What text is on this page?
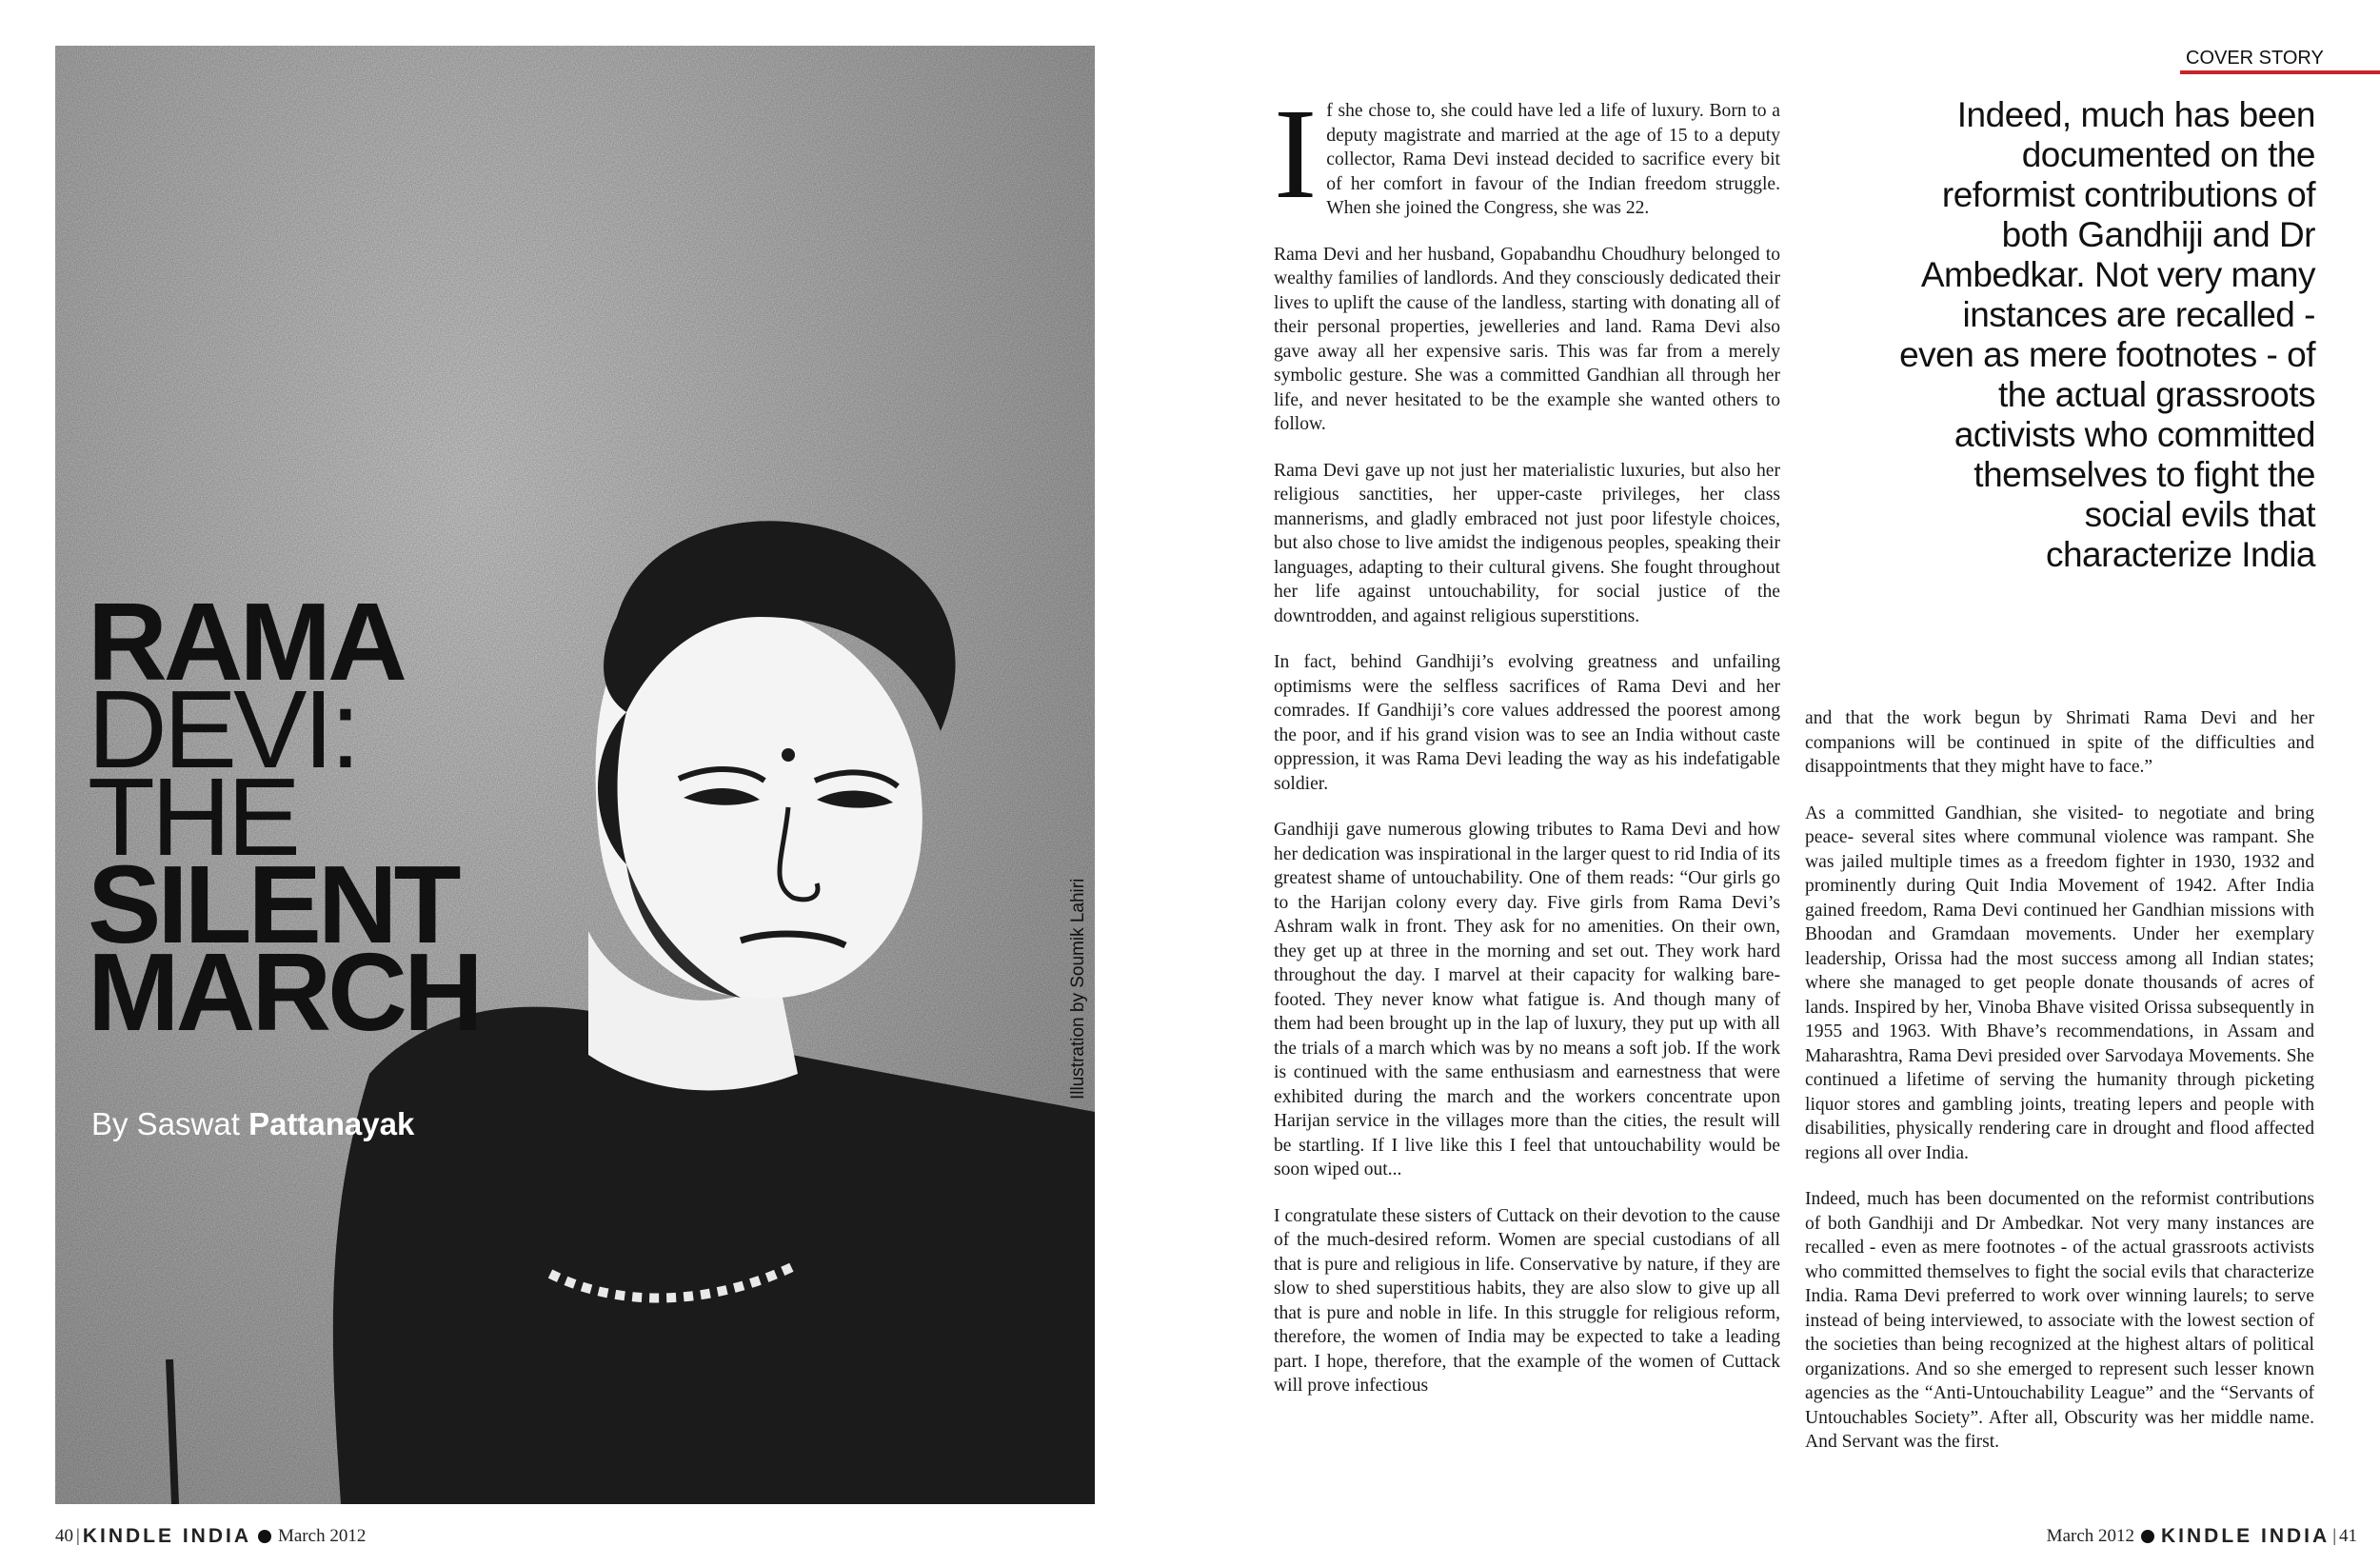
RAMA
DEVI:
THE
SILENT
MARCH
By Saswat Pattanayak
Illustration by Soumik Lahiri
40 | KINDLE INDIA March 2012
COVER STORY
Indeed, much has been documented on the reformist contributions of both Gandhiji and Dr Ambedkar. Not very many instances are recalled - even as mere footnotes - of the actual grassroots activists who committed themselves to fight the social evils that characterize India

If she chose to, she could have led a life of luxury. Born to a deputy magistrate and married at the age of 15 to a deputy collector, Rama Devi instead decided to sacrifice every bit of her comfort in favour of the Indian freedom struggle. When she joined the Congress, she was 22.

Rama Devi and her husband, Gopabandhu Choudhury belonged to wealthy families of landlords. And they consciously dedicated their lives to uplift the cause of the landless, starting with donating all of their personal properties, jewelleries and land. Rama Devi also gave away all her expensive saris. This was far from a merely symbolic gesture. She was a committed Gandhian all through her life, and never hesitated to be the example she wanted others to follow.

Rama Devi gave up not just her materialistic luxuries, but also her religious sanctities, her upper-caste privileges, her class mannerisms, and gladly embraced not just poor lifestyle choices, but also chose to live amidst the indigenous peoples, speaking their languages, adapting to their cultural givens. She fought throughout her life against untouchability, for social justice of the downtrodden, and against religious superstitions.

In fact, behind Gandhiji’s evolving greatness and unfailing optimisms were the selfless sacrifices of Rama Devi and her comrades. If Gandhiji’s core values addressed the poorest among the poor, and if his grand vision was to see an India without caste oppression, it was Rama Devi leading the way as his indefatigable soldier.

Gandhiji gave numerous glowing tributes to Rama Devi and how her dedication was inspirational in the larger quest to rid India of its greatest shame of untouchability. One of them reads: “Our girls go to the Harijan colony every day. Five girls from Rama Devi’s Ashram walk in front. They ask for no amenities. On their own, they get up at three in the morning and set out. They work hard throughout the day. I marvel at their capacity for walking bare-footed. They never know what fatigue is. And though many of them had been brought up in the lap of luxury, they put up with all the trials of a march which was by no means a soft job. If the work is continued with the same enthusiasm and earnestness that were exhibited during the march and the workers concentrate upon Harijan service in the villages more than the cities, the result will be startling. If I live like this I feel that untouchability would be soon wiped out...

I congratulate these sisters of Cuttack on their devotion to the cause of the much-desired reform. Women are special custodians of all that is pure and religious in life. Conservative by nature, if they are slow to shed superstitious habits, they are also slow to give up all that is pure and noble in life. In this struggle for religious reform, therefore, the women of India may be expected to take a leading part. I hope, therefore, that the example of the women of Cuttack will prove infectious

and that the work begun by Shrimati Rama Devi and her companions will be continued in spite of the difficulties and disappointments that they might have to face.”

As a committed Gandhian, she visited- to negotiate and bring peace- several sites where communal violence was rampant. She was jailed multiple times as a freedom fighter in 1930, 1932 and prominently during Quit India Movement of 1942. After India gained freedom, Rama Devi continued her Gandhian missions with Bhoodan and Gramdaan movements. Under her exemplary leadership, Orissa had the most success among all Indian states; where she managed to get people donate thousands of acres of lands. Inspired by her, Vinoba Bhave visited Orissa subsequently in 1955 and 1963. With Bhave’s recommendations, in Assam and Maharashtra, Rama Devi presided over Sarvodaya Movements. She continued a lifetime of serving the humanity through picketing liquor stores and gambling joints, treating lepers and people with disabilities, physically rendering care in drought and flood affected regions all over India.

Indeed, much has been documented on the reformist contributions of both Gandhiji and Dr Ambedkar. Not very many instances are recalled - even as mere footnotes - of the actual grassroots activists who committed themselves to fight the social evils that characterize India. Rama Devi preferred to work over winning laurels; to serve instead of being interviewed, to associate with the lowest section of the societies than being recognized at the highest altars of political organizations. And so she emerged to represent such lesser known agencies as the “Anti-Untouchability League” and the “Servants of Untouchables Society”. After all, Obscurity was her middle name. And Servant was the first.

March 2012 KINDLE INDIA | 41
